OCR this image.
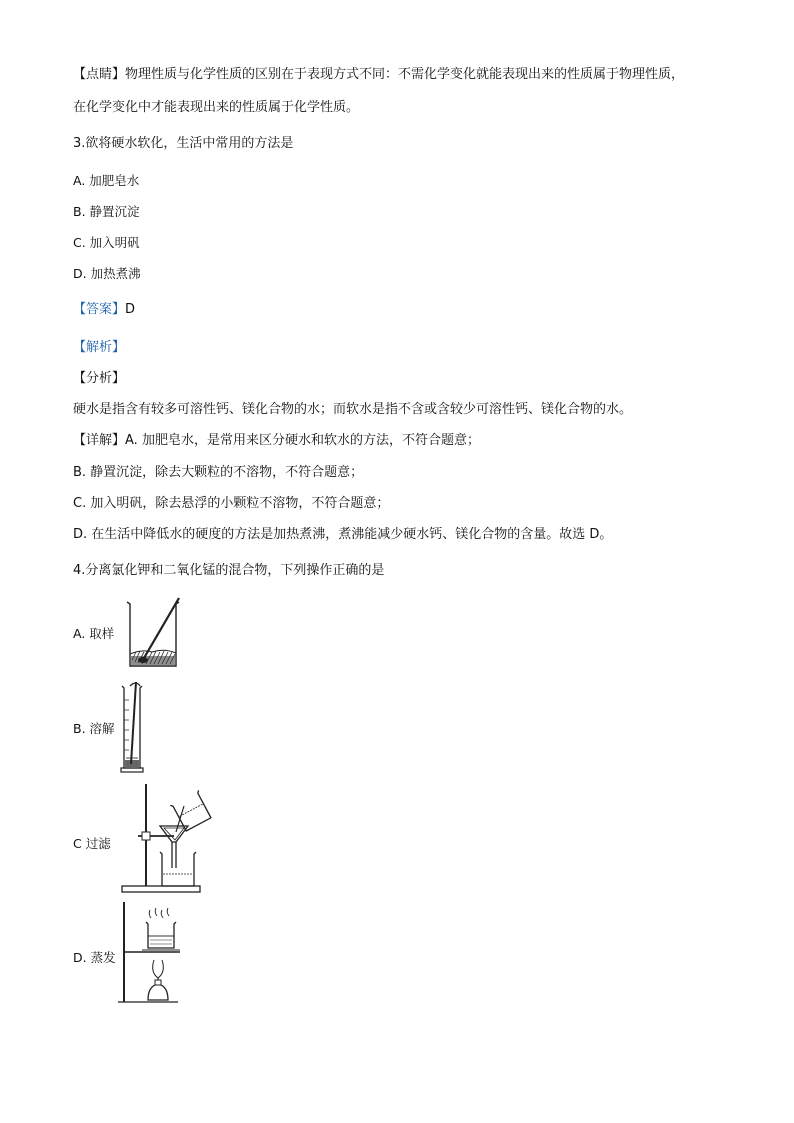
【点睛】物理性质与化学性质的区别在于表现方式不同：不需化学变化就能表现出来的性质属于物理性质，
在化学变化中才能表现出来的性质属于化学性质。
3.欲将硬水软化，生活中常用的方法是
A. 加肥皂水
B. 静置沉淀
C. 加入明矾
D. 加热煮沸
【答案】D
【解析】
【分析】
硬水是指含有较多可溶性钙、镁化合物的水；而软水是指不含或含较少可溶性钙、镁化合物的水。
【详解】A. 加肥皂水，是常用来区分硬水和软水的方法，不符合题意；
B. 静置沉淀，除去大颗粒的不溶物，不符合题意；
C. 加入明矾，除去悬浮的小颗粒不溶物，不符合题意；
D. 在生活中降低水的硬度的方法是加热煮沸，煮沸能减少硬水钙、镁化合物的含量。故选 D。
4.分离氯化钾和二氧化锰的混合物，下列操作正确的是
A. 取样
B. 溶解
C 过滤
D. 蒸发
